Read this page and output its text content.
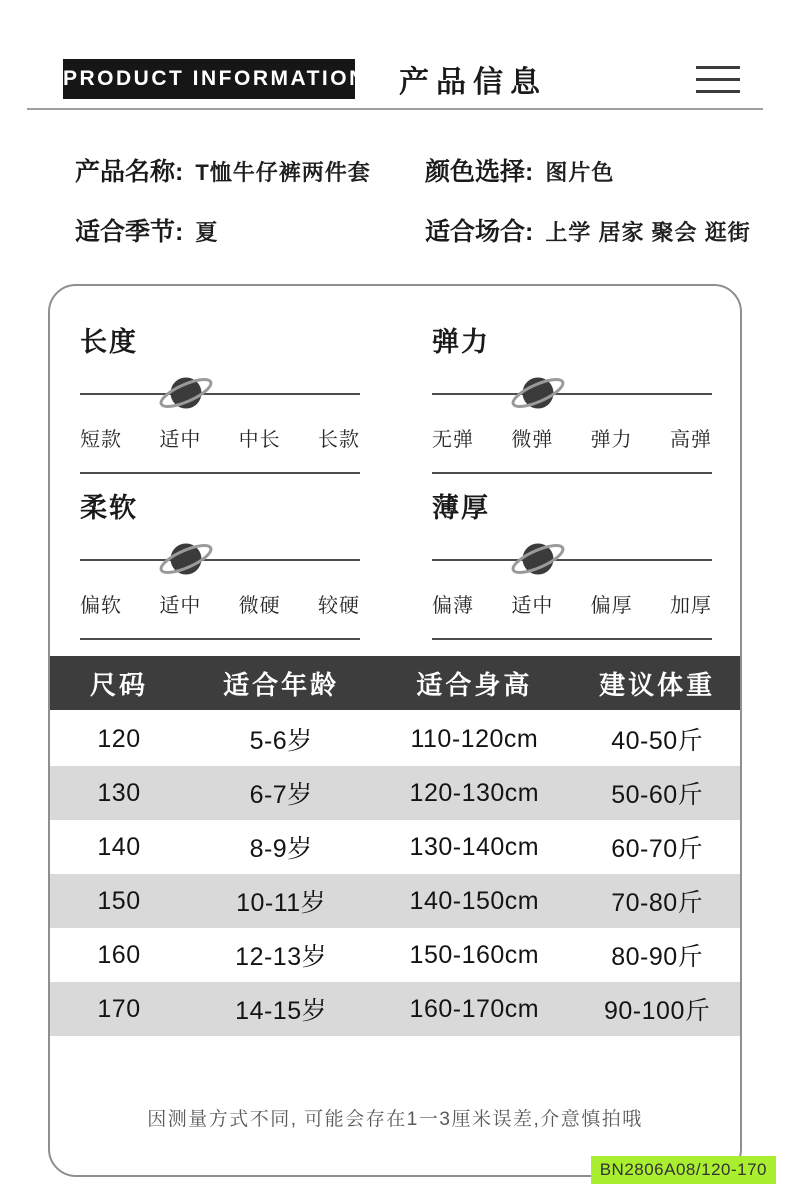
PRODUCT INFORMATION 产品信息
产品名称: T恤牛仔裤两件套 颜色选择: 图片色
适合季节: 夏	适合场合: 上学 居家 聚会 逛街
长度
短款 适中 中长 长款
弹力
无弹 微弹 弹力 高弹
柔软
偏软 适中 微硬 较硬
薄厚
偏薄 适中 偏厚 加厚
尺码	适合年龄	适合身高	建议体重
120	5-6岁	110-120cm	40-50斤
130	6-7岁	120-130cm	50-60斤
140	8-9岁	130-140cm	60-70斤
150	10-11岁	140-150cm	70-80斤
160	12-13岁	150-160cm	80-90斤
170	14-15岁	160-170cm	90-100斤
因测量方式不同, 可能会存在1一3厘米误差,介意慎拍哦
BN2806A08/120-170
